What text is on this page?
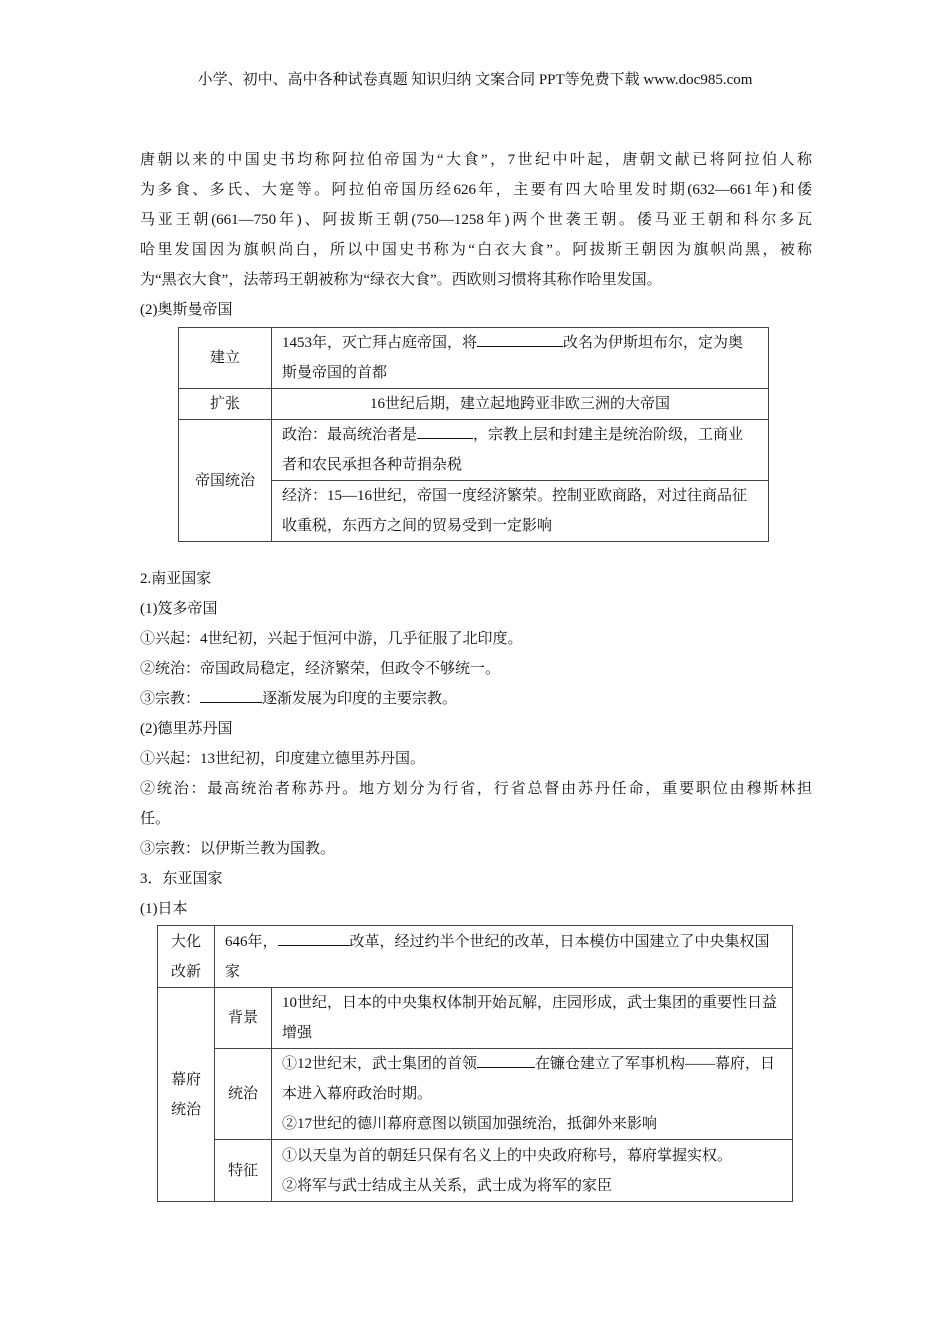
小学、初中、高中各种试卷真题 知识归纳 文案合同 PPT等免费下载 www.doc985.com
唐朝以来的中国史书均称阿拉伯帝国为“大食”，7世纪中叶起，唐朝文献已将阿拉伯人称
为多食、多氏、大寔等。阿拉伯帝国历经626年，主要有四大哈里发时期(632—661年)和倭
马亚王朝(661—750年)、阿拔斯王朝(750—1258年)两个世袭王朝。倭马亚王朝和科尔多瓦
哈里发国因为旗帜尚白，所以中国史书称为“白衣大食”。阿拔斯王朝因为旗帜尚黑，被称
为“黑衣大食”，法蒂玛王朝被称为“绿衣大食”。西欧则习惯将其称作哈里发国。
(2)奥斯曼帝国
建立	1453年，灭亡拜占庭帝国，将 改名为伊斯坦布尔，定为奥斯曼帝国的首都
扩张	16世纪后期，建立起地跨亚非欧三洲的大帝国
帝国统治	政治：最高统治者是 ，宗教上层和封建主是统治阶级，工商业者和农民承担各种苛捐杂税
	经济：15—16世纪，帝国一度经济繁荣。控制亚欧商路，对过往商品征收重税，东西方之间的贸易受到一定影响
2.南亚国家
(1)笈多帝国
①兴起：4世纪初，兴起于恒河中游，几乎征服了北印度。
②统治：帝国政局稳定，经济繁荣，但政令不够统一。
③宗教：	逐渐发展为印度的主要宗教。
(2)德里苏丹国
①兴起：13世纪初，印度建立德里苏丹国。
②统治：最高统治者称苏丹。地方划分为行省，行省总督由苏丹任命，重要职位由穆斯林担
任。
③宗教：以伊斯兰教为国教。
3．东亚国家
(1)日本
大化改新	646年， 改革，经过约半个世纪的改革，日本模仿中国建立了中央集权国家	
幕府统治	背景	10世纪，日本的中央集权体制开始瓦解，庄园形成，武士集团的重要性日益增强
	统治	①12世纪末，武士集团的首领 在镰仓建立了军事机构——幕府，日本进入幕府政治时期。
②17世纪的德川幕府意图以锁国加强统治，抵御外来影响

	特征	①以天皇为首的朝廷只保有名义上的中央政府称号，幕府掌握实权。
②将军与武士结成主从关系，武士成为将军的家臣
